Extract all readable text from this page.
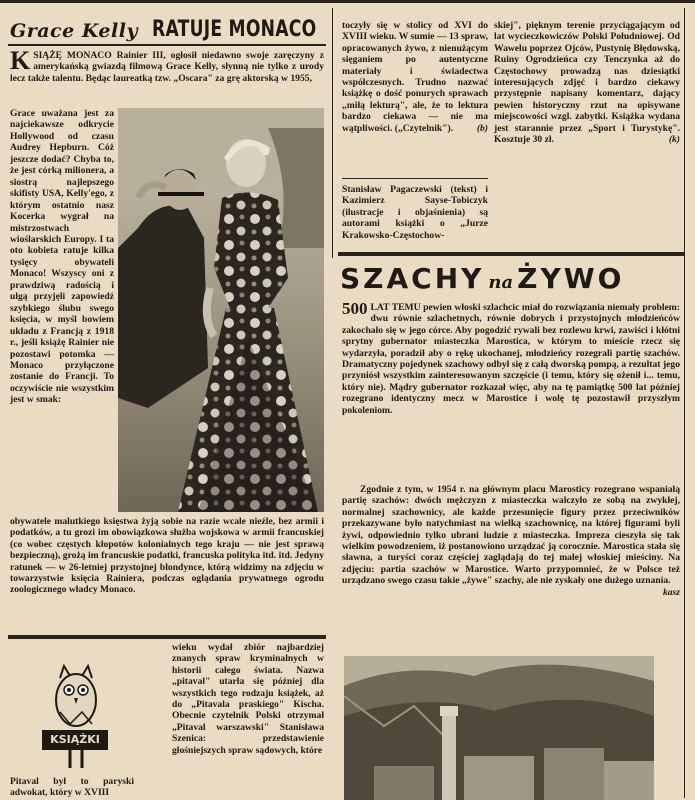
Grace Kelly RATUJE MONACO
KSIĄŻĘ MONACO Rainier III, ogłosił niedawno swoje zaręczyny z amerykańską gwiazdą filmową Grace Kelly, słynną nie tylko z urody lecz także talentu. Będąc laureatką tzw. „Oscara" za grę aktorską w 1955,
Grace uważana jest za najciekawsze odkrycie Hollywood od czasu Audrey Hepburn. Cóż jeszcze dodać? Chyba to, że jest córką milionera, a siostrą najlepszego skifisty USA, Kelly'ego, z którym ostatnio nasz Kocerka wygrał na mistrzostwach wioślarskich Europy. I ta oto kobieta ratuje kilka tysięcy obywateli Monaco! Wszyscy oni z prawdziwą radością i ulgą przyjęli zapowiedź szybkiego ślubu swego księcia, w myśl bowiem układu z Francją z 1918 r., jeśli książę Rainier nie pozostawi potomka — Monaco przyłączone zostanie do Francji. To oczywiście nie wszystkim jest w smak:
obywatele malutkiego księstwa żyją sobie na razie wcale nieźle, bez armii i podatków, a tu grozi im obowiązkowa służba wojskowa w armii francuskiej (co wobec częstych kłopotów kolonialnych tego kraju — nie jest sprawą bezpieczną), grożą im francuskie podatki, francuska polityka itd. itd. Jedyny ratunek — w 26-letniej przystojnej blondynce, którą widzimy na zdjęciu w towarzystwie księcia Rainiera, podczas oglądania prywatnego ogrodu zoologicznego władcy Monaco.
toczyły się w stolicy od XVI do XVIII wieku. W sumie — 13 spraw, opracowanych żywo, z nienużącym sięganiem po autentyczne materiały i świadectwa współczesnych. Trudno nazwać książkę o dość ponurych sprawach „miłą lekturą", ale, że to lektura bardzo ciekawa — nie ma wątpliwości. („Czytelnik"). (b)
Stanisław Pagaczewski (tekst) i Kazimierz Sayse-Tobiczyk (ilustracje i objaśnienia) są autorami książki o „Jurze Krakowsko-Częstochow-
skiej", pięknym terenie przyciągającym od lat wycieczkowiczów Polski Południowej. Od Wawelu poprzez Ojców, Pustynię Błędowską, Ruiny Ogrodzieńca czy Tenczynka aż do Częstochowy prowadzą nas dziesiątki interesujących zdjęć i bardzo ciekawy przystępnie napisany komentarz, dający pewien historyczny rzut na opisywane miejscowości wzgl. zabytki. Książka wydana jest starannie przez „Sport i Turystykę". Kosztuje 30 zł.	(k)
SZACHY na ŻYWO
500 LAT TEMU pewien włoski szlachcic miał do rozwiązania niemały problem: dwu równie szlachetnych, równie dobrych i przystojnych młodzieńców zakochało się w jego córce. Aby pogodzić rywali bez rozlewu krwi, zawiści i kłótni sprytny gubernator miasteczka Marostica, w którym to mieście rzecz się wydarzyła, poradził aby o rękę ukochanej, młodzieńcy rozegrali partię szachów. Dramatyczny pojedynek szachowy odbył się z całą dworską pompą, a rezultat jego przyniósł wszystkim zainteresowanym szczęście (i temu, który się ożenił i... temu, który nie). Mądry gubernator rozkazał więc, aby na tę pamiątkę 500 lat później rozegrano identyczny mecz w Marostice i wolę tę pozostawił przyszłym pokoleniom.

Zgodnie z tym, w 1954 r. na głównym placu Marosticy rozegrano wspaniałą partię szachów: dwóch mężczyzn z miasteczka walczyło ze sobą na zwykłej, normalnej szachownicy, ale każde przesunięcie figury przez przeciwników przekazywane było natychmiast na wielką szachownicę, na której figurami byli żywi, odpowiednio tylko ubrani ludzie z miasteczka. Impreza cieszyła się tak wielkim powodzeniem, iż postanowiono urządzać ją corocznie. Marostica stała się sławna, a turyści coraz częściej zaglądają do tej małej włoskiej mieściny. Na zdjęciu: partia szachów w Marostice. Warto przypomnieć, że w Polsce też urządzano swego czasu takie „żywe" szachy, ale nie zyskały one dużego uznania.
kasz

KSIĄŻKI
Pitaval był to paryski adwokat, który w XVIII
wieku wydał zbiór najbardziej znanych spraw kryminalnych w historii całego świata. Nazwa „pitaval" utarła się później dla wszystkich tego rodzaju książek, aż do „Pitavala praskiego" Kischa. Obecnie czytelnik Polski otrzymał „Pitaval warszawski" Stanisława Szenica: przedstawienie głośniejszych spraw sądowych, które
